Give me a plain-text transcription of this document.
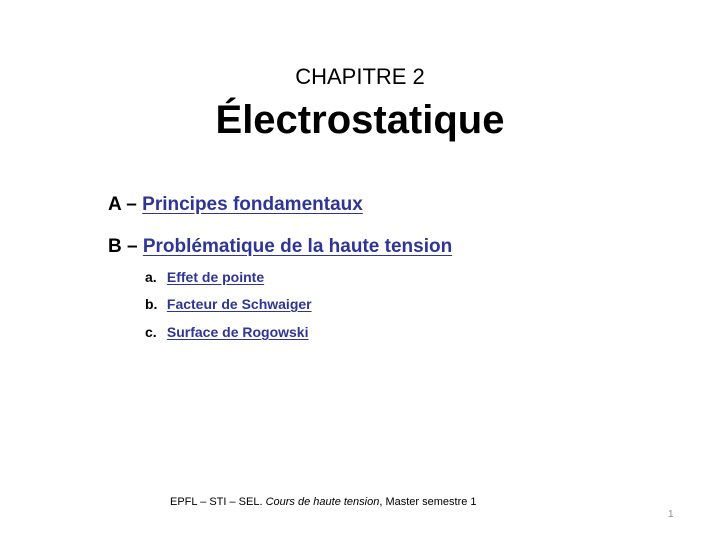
CHAPITRE 2
Électrostatique
A – Principes fondamentaux
B – Problématique de la haute tension
a. Effet de pointe
b. Facteur de Schwaiger
c. Surface de Rogowski
EPFL – STI – SEL. Cours de haute tension, Master semestre 1
1
